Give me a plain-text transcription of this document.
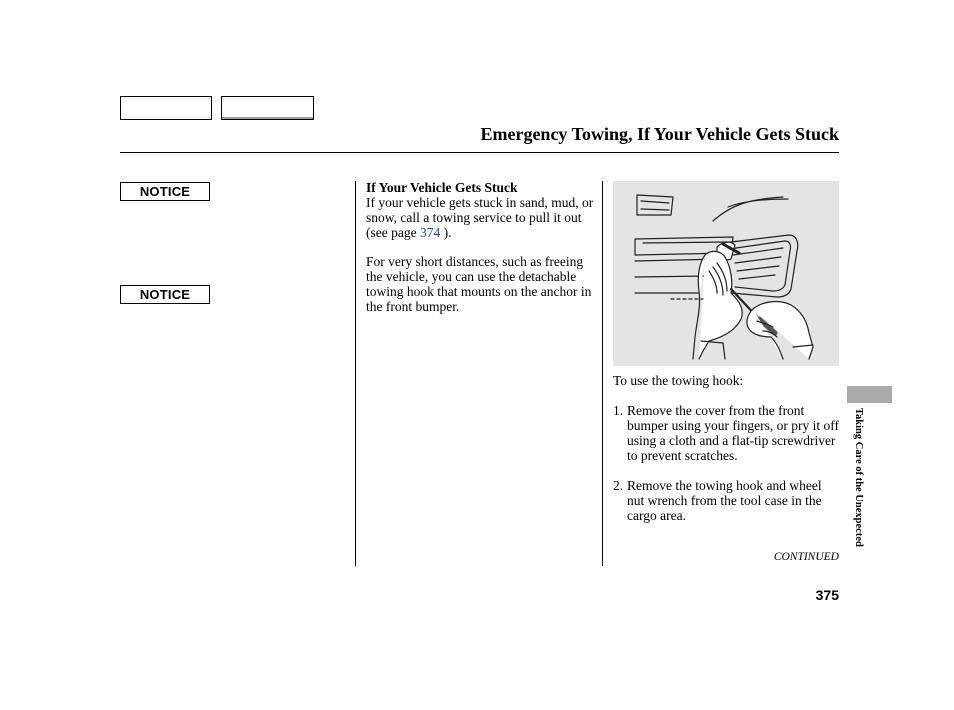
Emergency Towing, If Your Vehicle Gets Stuck
NOTICE
NOTICE

If Your Vehicle Gets Stuck

If your vehicle gets stuck in sand, mud, or snow, call a towing service to pull it out (see page 374 ).

For very short distances, such as freeing the vehicle, you can use the detachable towing hook that mounts on the anchor in the front bumper.

To use the towing hook:

1. Remove the cover from the front bumper using your fingers, or pry it off using a cloth and a flat-tip screwdriver to prevent scratches.
2. Remove the towing hook and wheel nut wrench from the tool case in the cargo area.
CONTINUED
375
Taking Care of the Unexpected
